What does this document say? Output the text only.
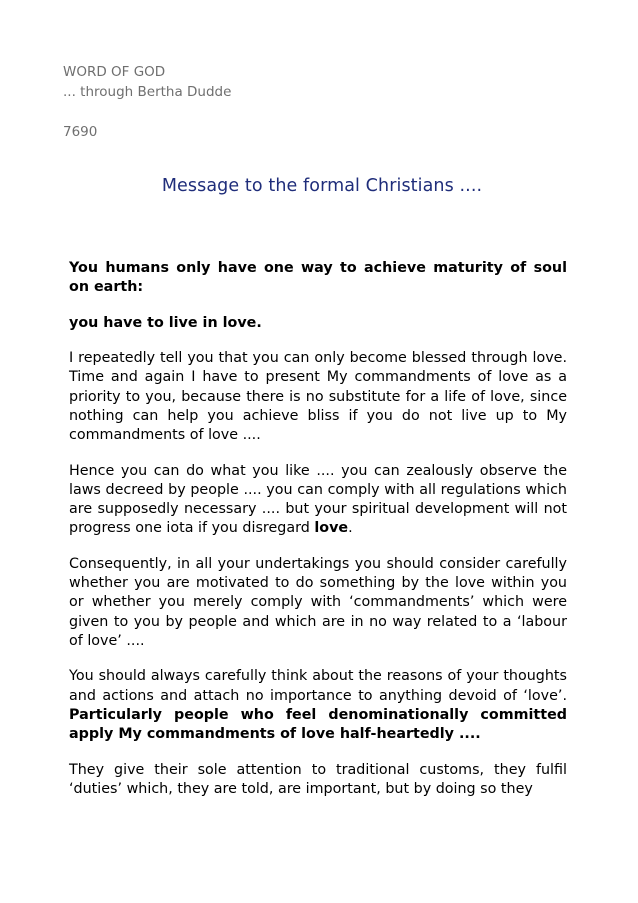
WORD OF GOD
... through Bertha Dudde
7690
Message to the formal Christians ....

You humans only have one way to achieve maturity of soul on earth:

you have to live in love.

I repeatedly tell you that you can only become blessed through love. Time and again I have to present My commandments of love as a priority to you, because there is no substitute for a life of love, since nothing can help you achieve bliss if you do not live up to My commandments of love ....

Hence you can do what you like .... you can zealously observe the laws decreed by people .... you can comply with all regulations which are supposedly necessary .... but your spiritual development will not progress one iota if you disregard love.

Consequently, in all your undertakings you should consider carefully whether you are motivated to do something by the love within you or whether you merely comply with ‘commandments’ which were given to you by people and which are in no way related to a ‘labour of love’ ....

You should always carefully think about the reasons of your thoughts and actions and attach no importance to anything devoid of ‘love’. Particularly people who feel denominationally committed apply My commandments of love half-heartedly ....

They give their sole attention to traditional customs, they fulfil ‘duties’ which, they are told, are important, but by doing so they
